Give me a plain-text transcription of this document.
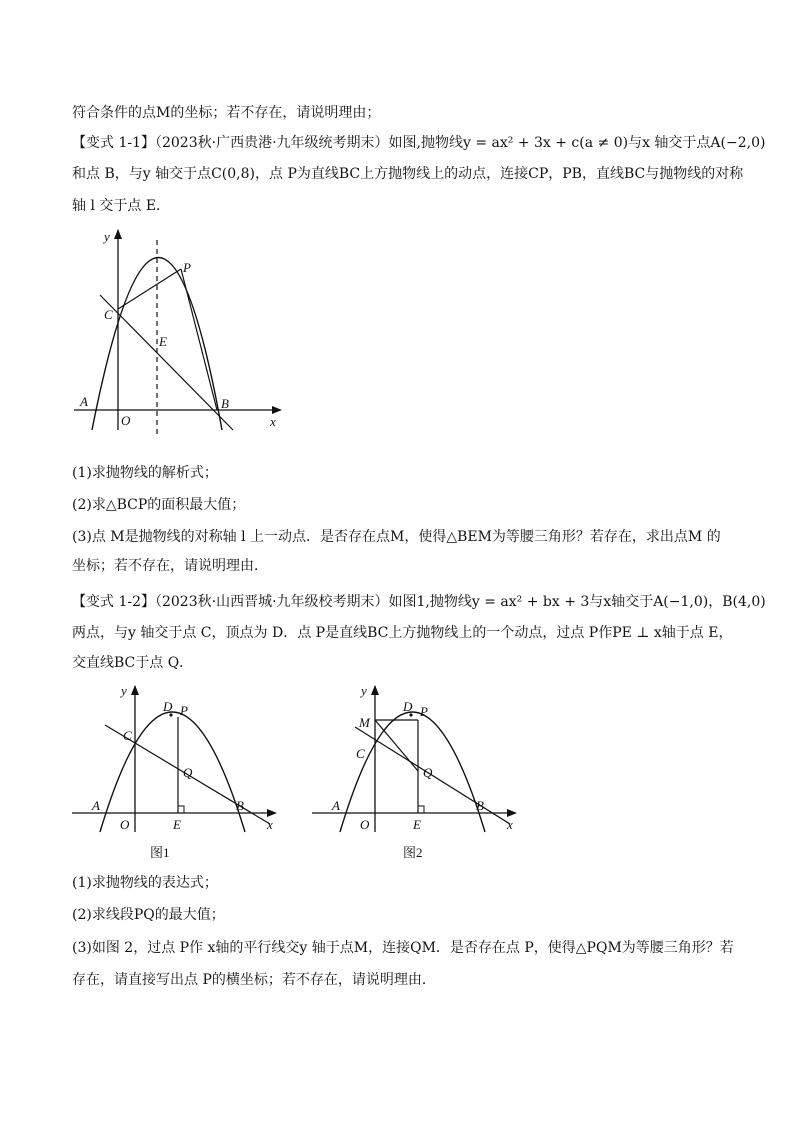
符合条件的点M的坐标；若不存在，请说明理由；
【变式 1-1】（2023秋·广西贵港·九年级统考期末）如图,抛物线y = ax² + 3x + c(a ≠ 0)与x 轴交于点A(−2,0)
和点 B，与y 轴交于点C(0,8)，点 P为直线BC上方抛物线上的动点，连接CP，PB，直线BC与抛物线的对称
轴 l 交于点 E．
y
x
P
C
E
A
O
B
(1)求抛物线的解析式；
(2)求△BCP的面积最大值；
(3)点 M是抛物线的对称轴 l 上一动点．是否存在点M，使得△BEM为等腰三角形？若存在，求出点M 的
坐标；若不存在，请说明理由．
【变式 1-2】（2023秋·山西晋城·九年级校考期末）如图1,抛物线y = ax² + bx + 3与x轴交于A(−1,0)，B(4,0)
两点，与y 轴交于点 C，顶点为 D．点 P是直线BC上方抛物线上的一个动点，过点 P作PE ⊥ x轴于点 E，
交直线BC于点 Q．
y
x
D P
C
Q
A
O	E
B
图1
y
x
M
D P
C
Q
A
O	E
B
图2
(1)求抛物线的表达式；
(2)求线段PQ的最大值；
(3)如图 2，过点 P作 x轴的平行线交y 轴于点M，连接QM．是否存在点 P，使得△PQM为等腰三角形？若
存在，请直接写出点 P的横坐标；若不存在，请说明理由．
